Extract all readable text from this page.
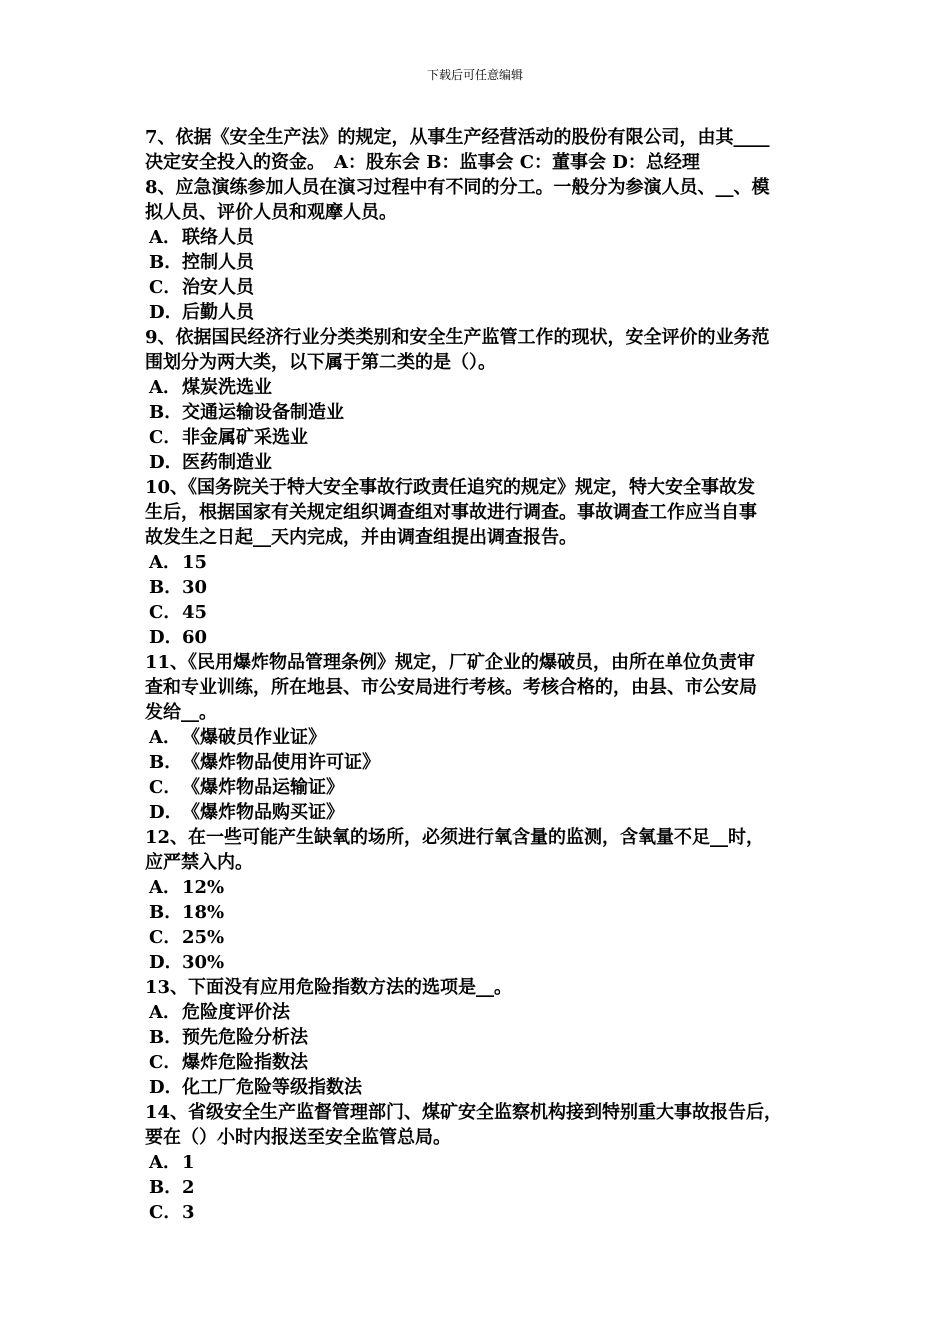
下载后可任意编辑
7、依据《安全生产法》的规定，从事生产经营活动的股份有限公司，由其____
决定安全投入的资金。　A：股东会 B：监事会 C：董事会 D：总经理
8、应急演练参加人员在演习过程中有不同的分工。一般分为参演人员、__、模
拟人员、评价人员和观摩人员。
A．联络人员
B．控制人员
C．治安人员
D．后勤人员
9、依据国民经济行业分类类别和安全生产监管工作的现状，安全评价的业务范
围划分为两大类，以下属于第二类的是（）。
A．煤炭洗选业
B．交通运输设备制造业
C．非金属矿采选业
D．医药制造业
10、《国务院关于特大安全事故行政责任追究的规定》规定，特大安全事故发
生后，根据国家有关规定组织调查组对事故进行调查。事故调查工作应当自事
故发生之日起__天内完成，并由调查组提出调查报告。
A．15
B．30
C．45
D．60
11、《民用爆炸物品管理条例》规定，厂矿企业的爆破员，由所在单位负责审
查和专业训练，所在地县、市公安局进行考核。考核合格的，由县、市公安局
发给__。
A．《爆破员作业证》
B．《爆炸物品使用许可证》
C．《爆炸物品运输证》
D．《爆炸物品购买证》
12、在一些可能产生缺氧的场所，必须进行氧含量的监测，含氧量不足__时，
应严禁入内。
A．12%
B．18%
C．25%
D．30%
13、下面没有应用危险指数方法的选项是__。
A．危险度评价法
B．预先危险分析法
C．爆炸危险指数法
D．化工厂危险等级指数法
14、省级安全生产监督管理部门、煤矿安全监察机构接到特别重大事故报告后，
要在（）小时内报送至安全监管总局。
A．1
B．2
C．3
